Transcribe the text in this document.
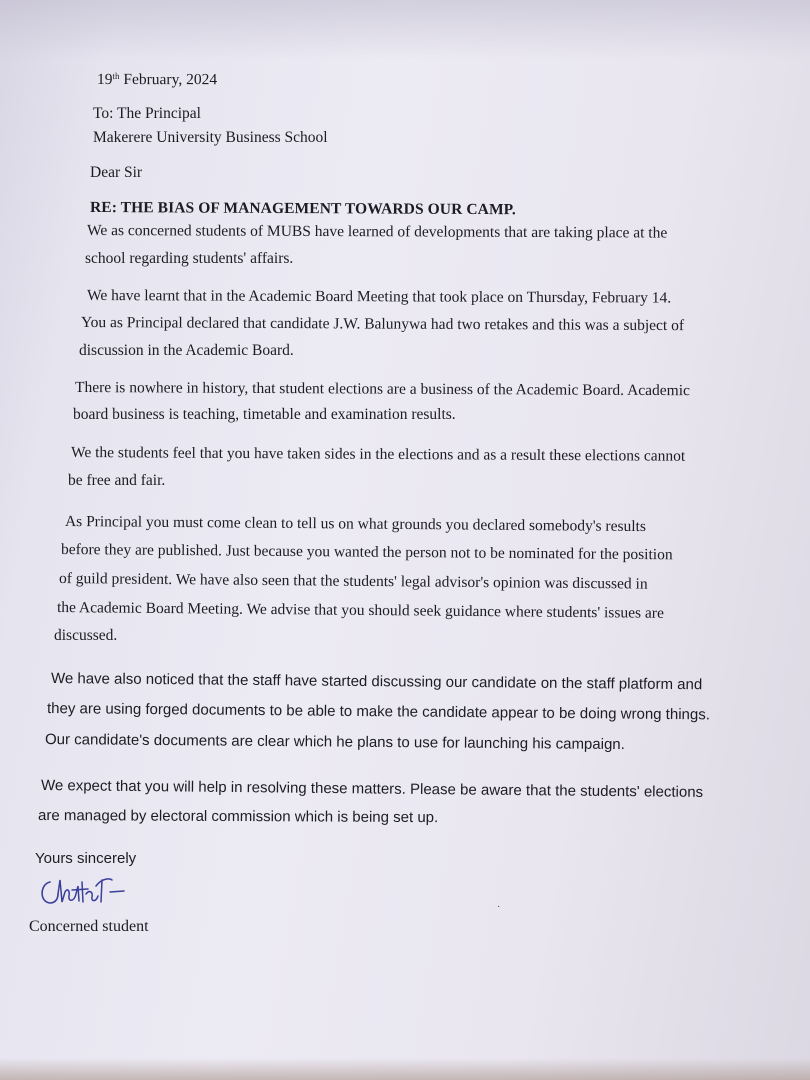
19th February, 2024
To: The Principal
Makerere University Business School
Dear Sir
RE: THE BIAS OF MANAGEMENT TOWARDS OUR CAMP.
We as concerned students of MUBS have learned of developments that are taking place at the
school regarding students' affairs.
We have learnt that in the Academic Board Meeting that took place on Thursday, February 14.
You as Principal declared that candidate J.W. Balunywa had two retakes and this was a subject of
discussion in the Academic Board.
There is nowhere in history, that student elections are a business of the Academic Board. Academic
board business is teaching, timetable and examination results.
We the students feel that you have taken sides in the elections and as a result these elections cannot
be free and fair.
As Principal you must come clean to tell us on what grounds you declared somebody's results
before they are published. Just because you wanted the person not to be nominated for the position
of guild president. We have also seen that the students' legal advisor's opinion was discussed in
the Academic Board Meeting. We advise that you should seek guidance where students' issues are
discussed.
We have also noticed that the staff have started discussing our candidate on the staff platform and
they are using forged documents to be able to make the candidate appear to be doing wrong things.
Our candidate's documents are clear which he plans to use for launching his campaign.
We expect that you will help in resolving these matters. Please be aware that the students' elections
are managed by electoral commission which is being set up.
Yours sincerely
Concerned student
˙
